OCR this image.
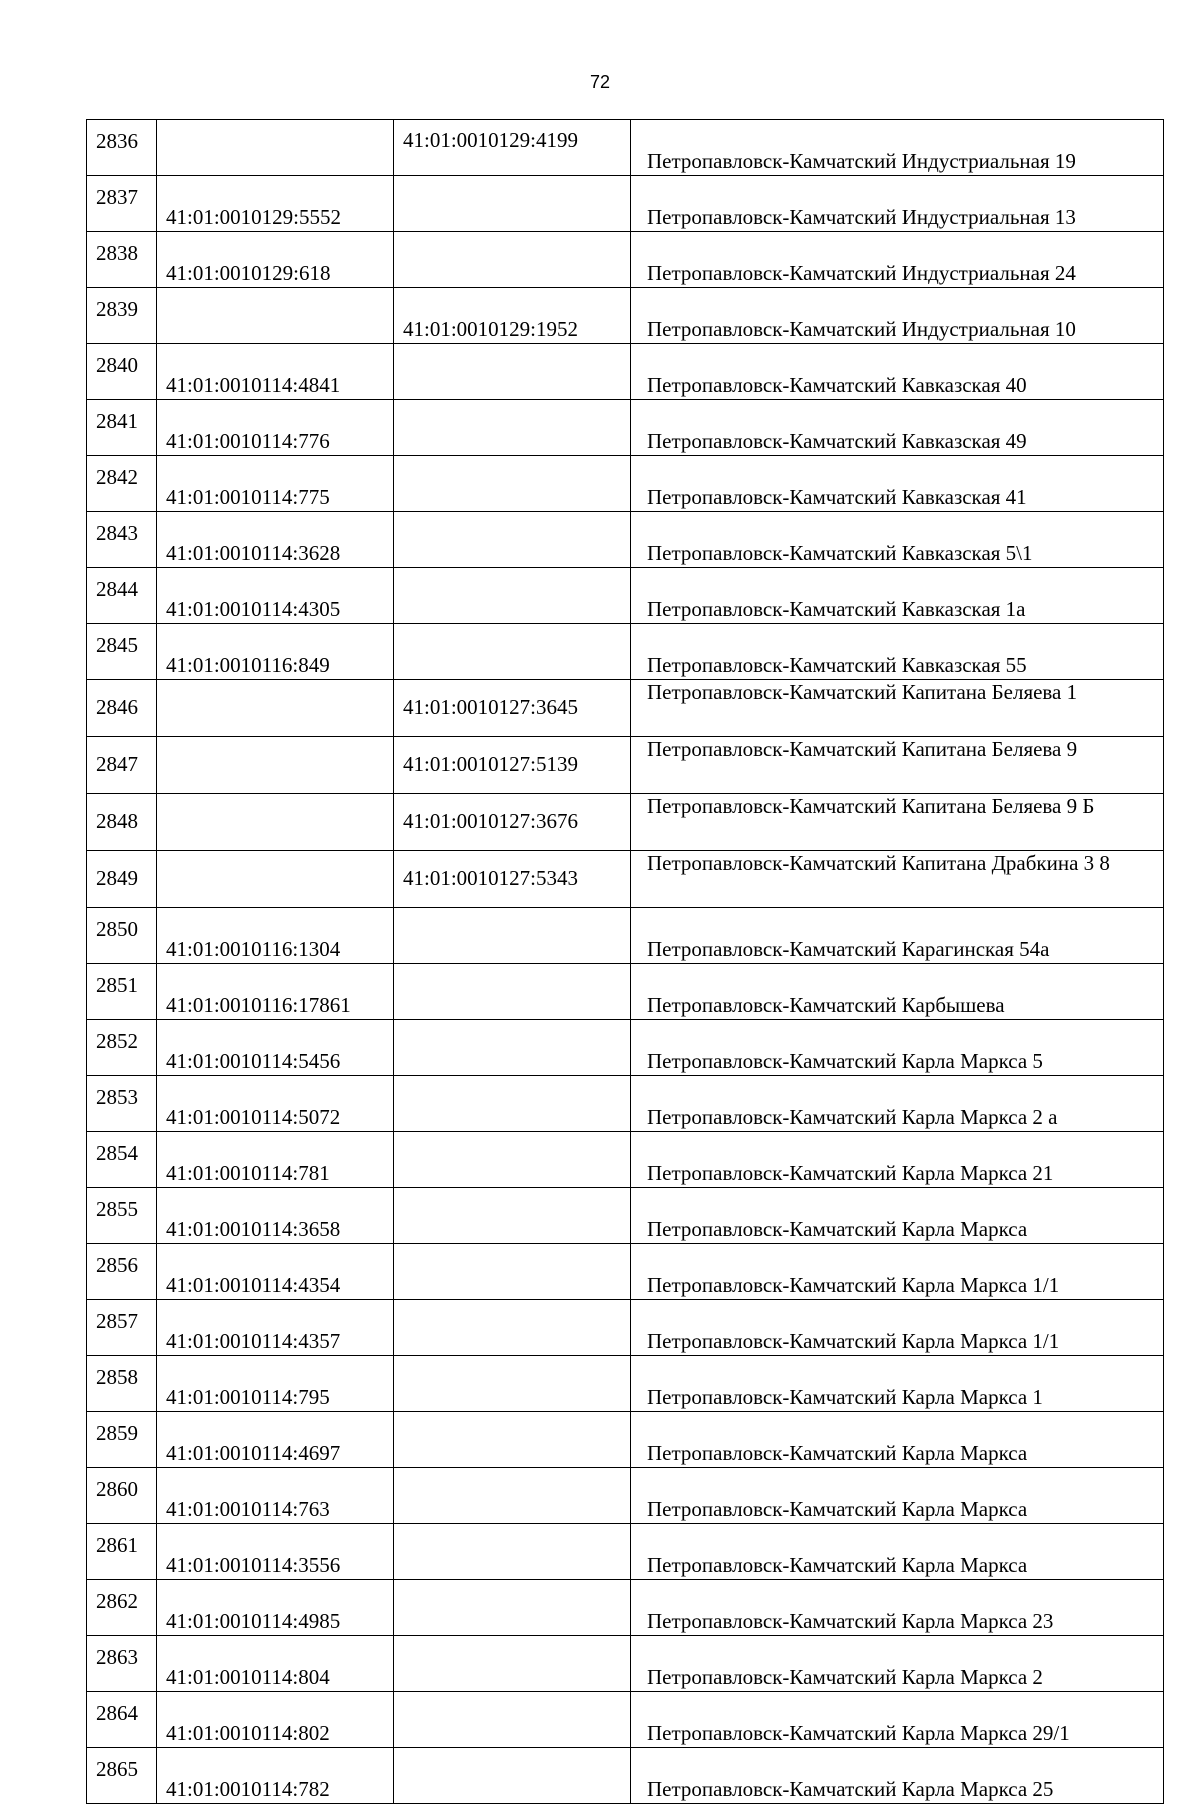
72
2836		41:01:0010129:4199	Петропавловск-Камчатский Индустриальная 19
2837	41:01:0010129:5552		Петропавловск-Камчатский Индустриальная 13
2838	41:01:0010129:618		Петропавловск-Камчатский Индустриальная 24
2839		41:01:0010129:1952	Петропавловск-Камчатский Индустриальная 10
2840	41:01:0010114:4841		Петропавловск-Камчатский Кавказская 40
2841	41:01:0010114:776		Петропавловск-Камчатский Кавказская 49
2842	41:01:0010114:775		Петропавловск-Камчатский Кавказская 41
2843	41:01:0010114:3628		Петропавловск-Камчатский Кавказская 5\1
2844	41:01:0010114:4305		Петропавловск-Камчатский Кавказская 1а
2845	41:01:0010116:849		Петропавловск-Камчатский Кавказская 55
2846		41:01:0010127:3645	Петропавловск-Камчатский Капитана Беляева 1

2847		41:01:0010127:5139	Петропавловск-Камчатский Капитана Беляева 9

2848		41:01:0010127:3676	Петропавловск-Камчатский Капитана Беляева 9 Б

2849		41:01:0010127:5343	Петропавловск-Камчатский Капитана Драбкина 3 8

2850	41:01:0010116:1304		Петропавловск-Камчатский Карагинская 54а
2851	41:01:0010116:17861		Петропавловск-Камчатский Карбышева
2852	41:01:0010114:5456		Петропавловск-Камчатский Карла Маркса 5
2853	41:01:0010114:5072		Петропавловск-Камчатский Карла Маркса 2 а
2854	41:01:0010114:781		Петропавловск-Камчатский Карла Маркса 21
2855	41:01:0010114:3658		Петропавловск-Камчатский Карла Маркса
2856	41:01:0010114:4354		Петропавловск-Камчатский Карла Маркса 1/1
2857	41:01:0010114:4357		Петропавловск-Камчатский Карла Маркса 1/1
2858	41:01:0010114:795		Петропавловск-Камчатский Карла Маркса 1
2859	41:01:0010114:4697		Петропавловск-Камчатский Карла Маркса
2860	41:01:0010114:763		Петропавловск-Камчатский Карла Маркса
2861	41:01:0010114:3556		Петропавловск-Камчатский Карла Маркса
2862	41:01:0010114:4985		Петропавловск-Камчатский Карла Маркса 23
2863	41:01:0010114:804		Петропавловск-Камчатский Карла Маркса 2
2864	41:01:0010114:802		Петропавловск-Камчатский Карла Маркса 29/1
2865	41:01:0010114:782		Петропавловск-Камчатский Карла Маркса 25
